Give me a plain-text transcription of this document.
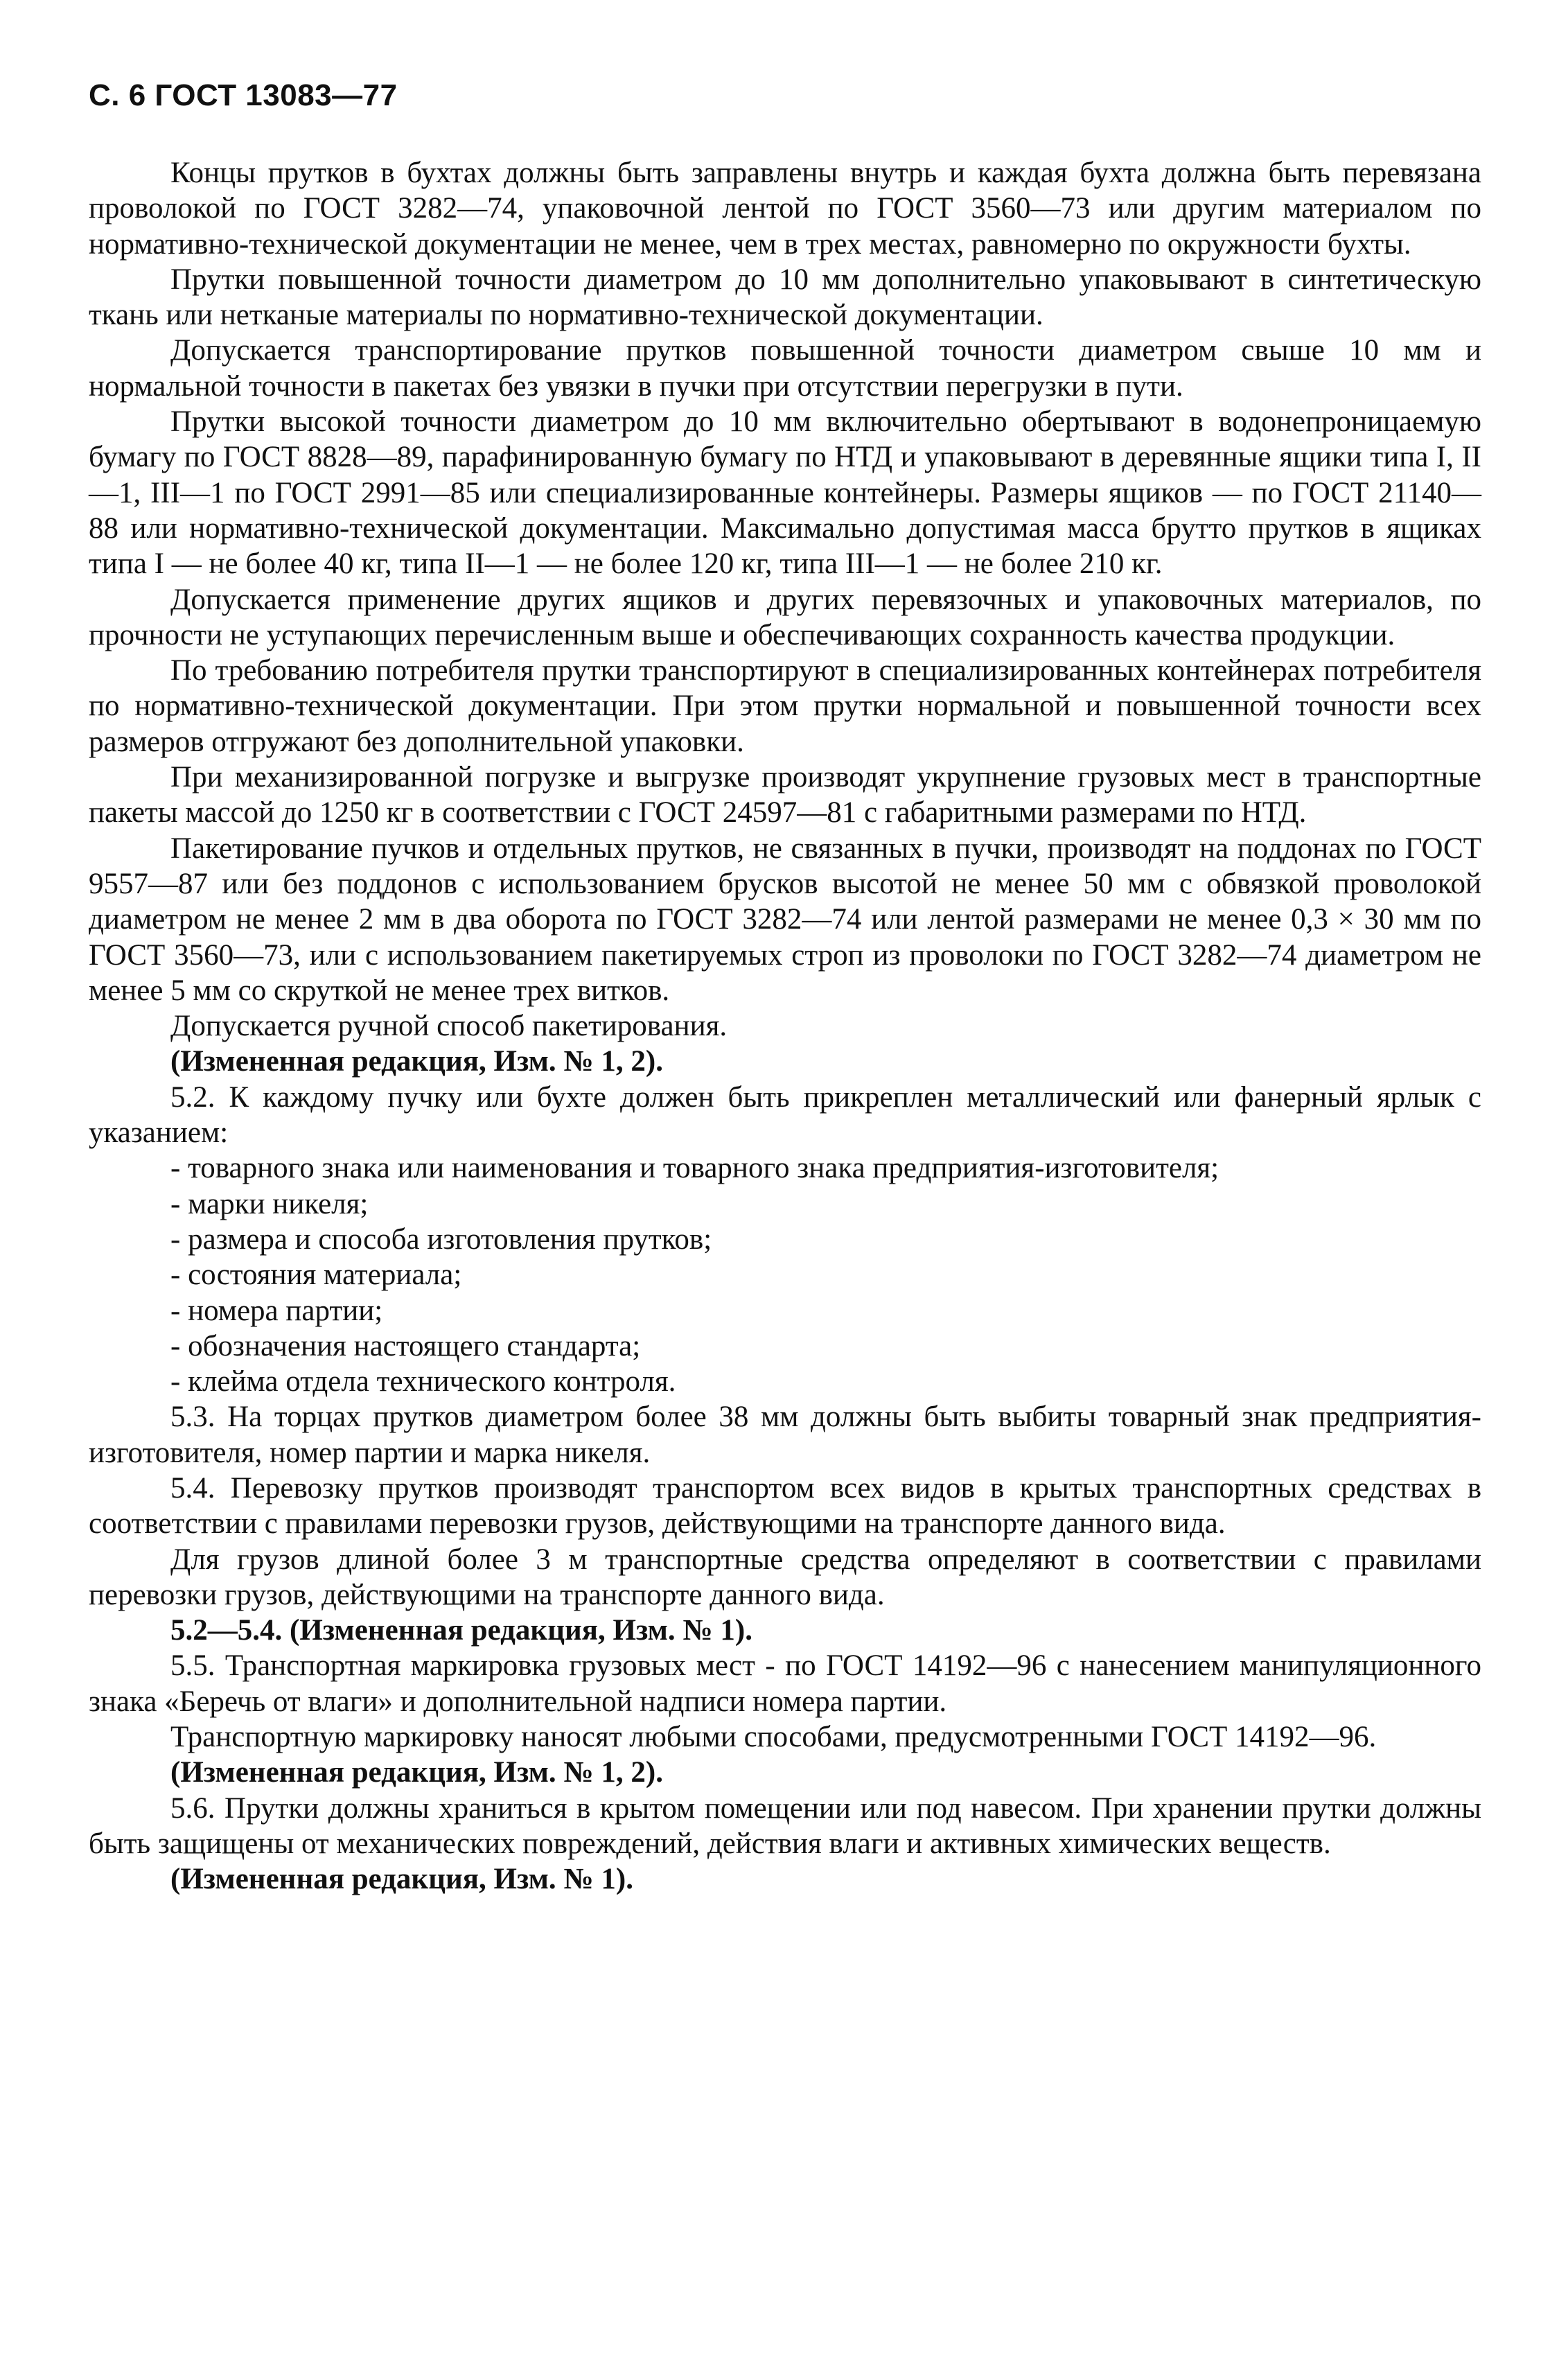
С. 6 ГОСТ 13083—77

Концы прутков в бухтах должны быть заправлены внутрь и каждая бухта должна быть перевязана проволокой по ГОСТ 3282—74, упаковочной лентой по ГОСТ 3560—73 или другим материалом по нормативно-технической документации не менее, чем в трех местах, равномерно по окружности бухты.

Прутки повышенной точности диаметром до 10 мм дополнительно упаковывают в синтетическую ткань или нетканые материалы по нормативно-технической документации.

Допускается транспортирование прутков повышенной точности диаметром свыше 10 мм и нормальной точности в пакетах без увязки в пучки при отсутствии перегрузки в пути.

Прутки высокой точности диаметром до 10 мм включительно обертывают в водонепроницаемую бумагу по ГОСТ 8828—89, парафинированную бумагу по НТД и упаковывают в деревянные ящики типа I, II—1, III—1 по ГОСТ 2991—85 или специализированные контейнеры. Размеры ящиков — по ГОСТ 21140—88 или нормативно-технической документации. Максимально допустимая масса брутто прутков в ящиках типа I — не более 40 кг, типа II—1 — не более 120 кг, типа III—1 — не более 210 кг.

Допускается применение других ящиков и других перевязочных и упаковочных материалов, по прочности не уступающих перечисленным выше и обеспечивающих сохранность качества продукции.

По требованию потребителя прутки транспортируют в специализированных контейнерах потребителя по нормативно-технической документации. При этом прутки нормальной и повышенной точности всех размеров отгружают без дополнительной упаковки.

При механизированной погрузке и выгрузке производят укрупнение грузовых мест в транспортные пакеты массой до 1250 кг в соответствии с ГОСТ 24597—81 с габаритными размерами по НТД.

Пакетирование пучков и отдельных прутков, не связанных в пучки, производят на поддонах по ГОСТ 9557—87 или без поддонов с использованием брусков высотой не менее 50 мм с обвязкой проволокой диаметром не менее 2 мм в два оборота по ГОСТ 3282—74 или лентой размерами не менее 0,3 × 30 мм по ГОСТ 3560—73, или с использованием пакетируемых строп из проволоки по ГОСТ 3282—74 диаметром не менее 5 мм со скруткой не менее трех витков.

Допускается ручной способ пакетирования.

(Измененная редакция, Изм. № 1, 2).

5.2. К каждому пучку или бухте должен быть прикреплен металлический или фанерный ярлык с указанием:

- товарного знака или наименования и товарного знака предприятия-изготовителя;

- марки никеля;

- размера и способа изготовления прутков;

- состояния материала;

- номера партии;

- обозначения настоящего стандарта;

- клейма отдела технического контроля.

5.3. На торцах прутков диаметром более 38 мм должны быть выбиты товарный знак предприятия-изготовителя, номер партии и марка никеля.

5.4. Перевозку прутков производят транспортом всех видов в крытых транспортных средствах в соответствии с правилами перевозки грузов, действующими на транспорте данного вида.

Для грузов длиной более 3 м транспортные средства определяют в соответствии с правилами перевозки грузов, действующими на транспорте данного вида.

5.2—5.4. (Измененная редакция, Изм. № 1).

5.5. Транспортная маркировка грузовых мест - по ГОСТ 14192—96 с нанесением манипуляционного знака «Беречь от влаги» и дополнительной надписи номера партии.

Транспортную маркировку наносят любыми способами, предусмотренными ГОСТ 14192—96.

(Измененная редакция, Изм. № 1, 2).

5.6. Прутки должны храниться в крытом помещении или под навесом. При хранении прутки должны быть защищены от механических повреждений, действия влаги и активных химических веществ.

(Измененная редакция, Изм. № 1).
